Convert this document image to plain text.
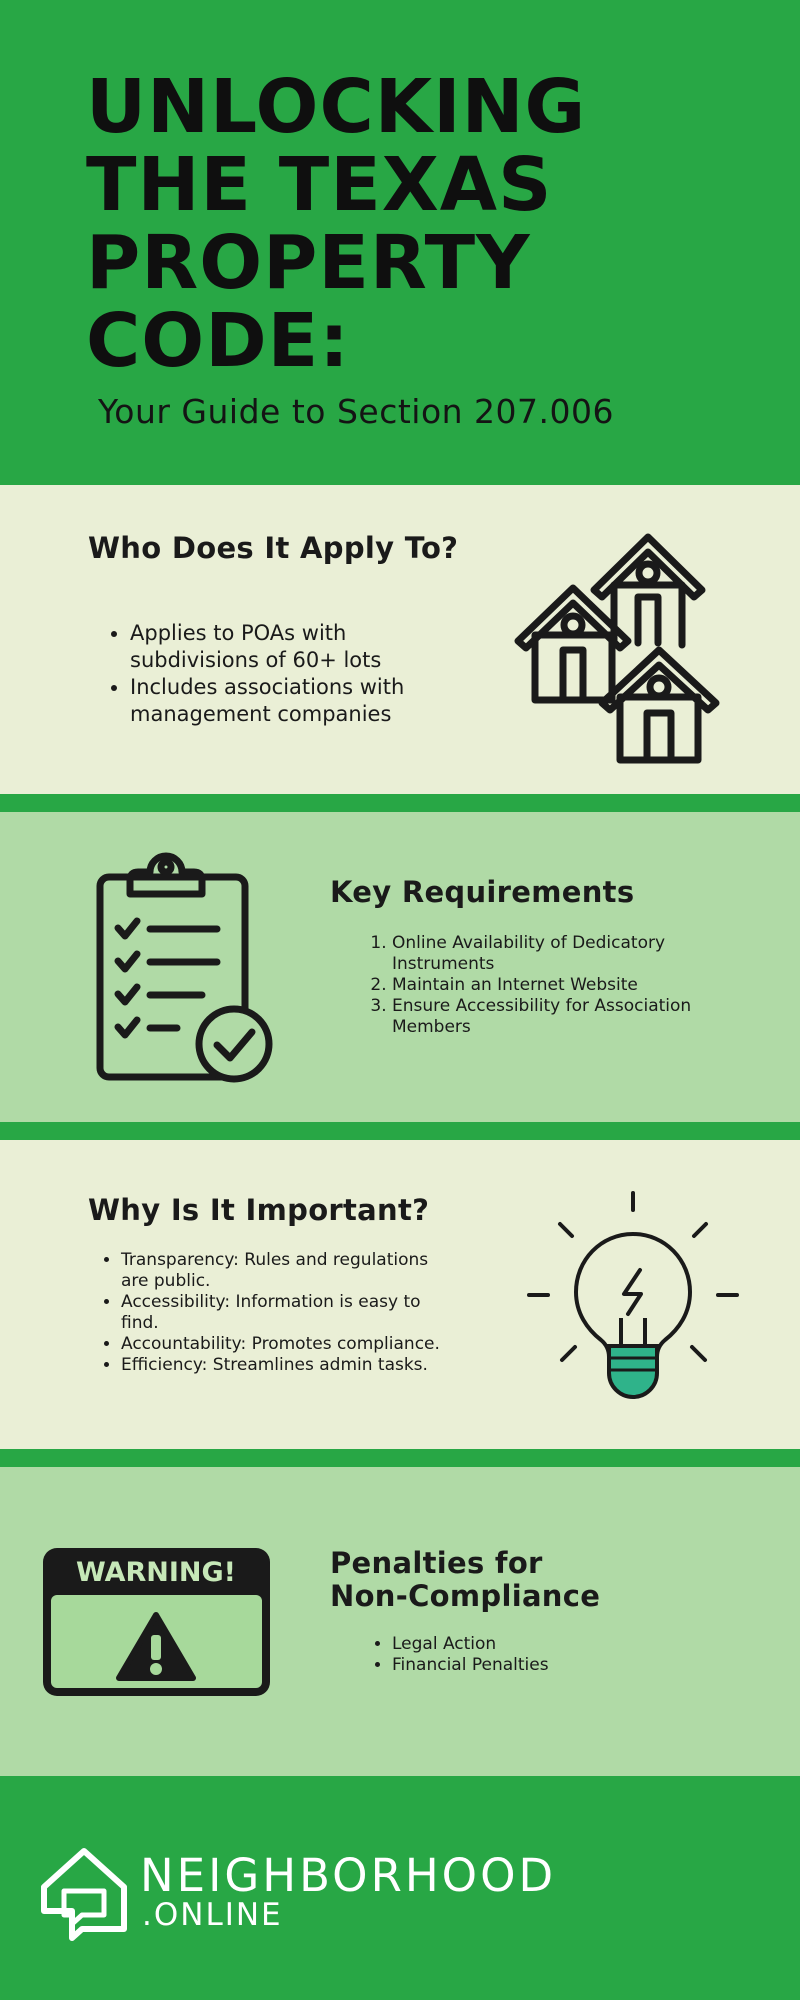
UNLOCKING THE TEXAS PROPERTY CODE:
Your Guide to Section 207.006
Who Does It Apply To?
• Applies to POAs with subdivisions of 60+ lots
• Includes associations with management companies
Key Requirements
1. Online Availability of Dedicatory Instruments
2. Maintain an Internet Website
3. Ensure Accessibility for Association Members
Why Is It Important?
• Transparency: Rules and regulations are public.
• Accessibility: Information is easy to find.
• Accountability: Promotes compliance.
• Efficiency: Streamlines admin tasks.
WARNING!	Penalties for Non-Compliance
• Legal Action
• Financial Penalties
NEIGHBORHOOD
.ONLINE
